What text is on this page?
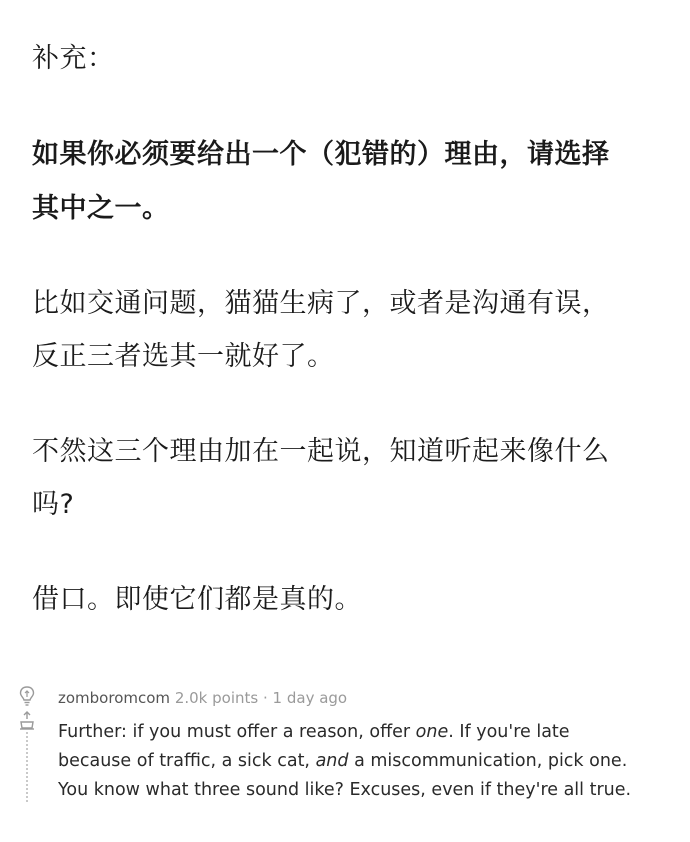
补充：
如果你必须要给出一个（犯错的）理由，请选择
其中之一。
比如交通问题，猫猫生病了，或者是沟通有误，
反正三者选其一就好了。
不然这三个理由加在一起说，知道听起来像什么
吗?
借口。即使它们都是真的。
zomboromcom 2.0k points · 1 day ago
Further: if you must offer a reason, offer one. If you're late
because of traffic, a sick cat, and a miscommunication, pick one.
You know what three sound like? Excuses, even if they're all true.
